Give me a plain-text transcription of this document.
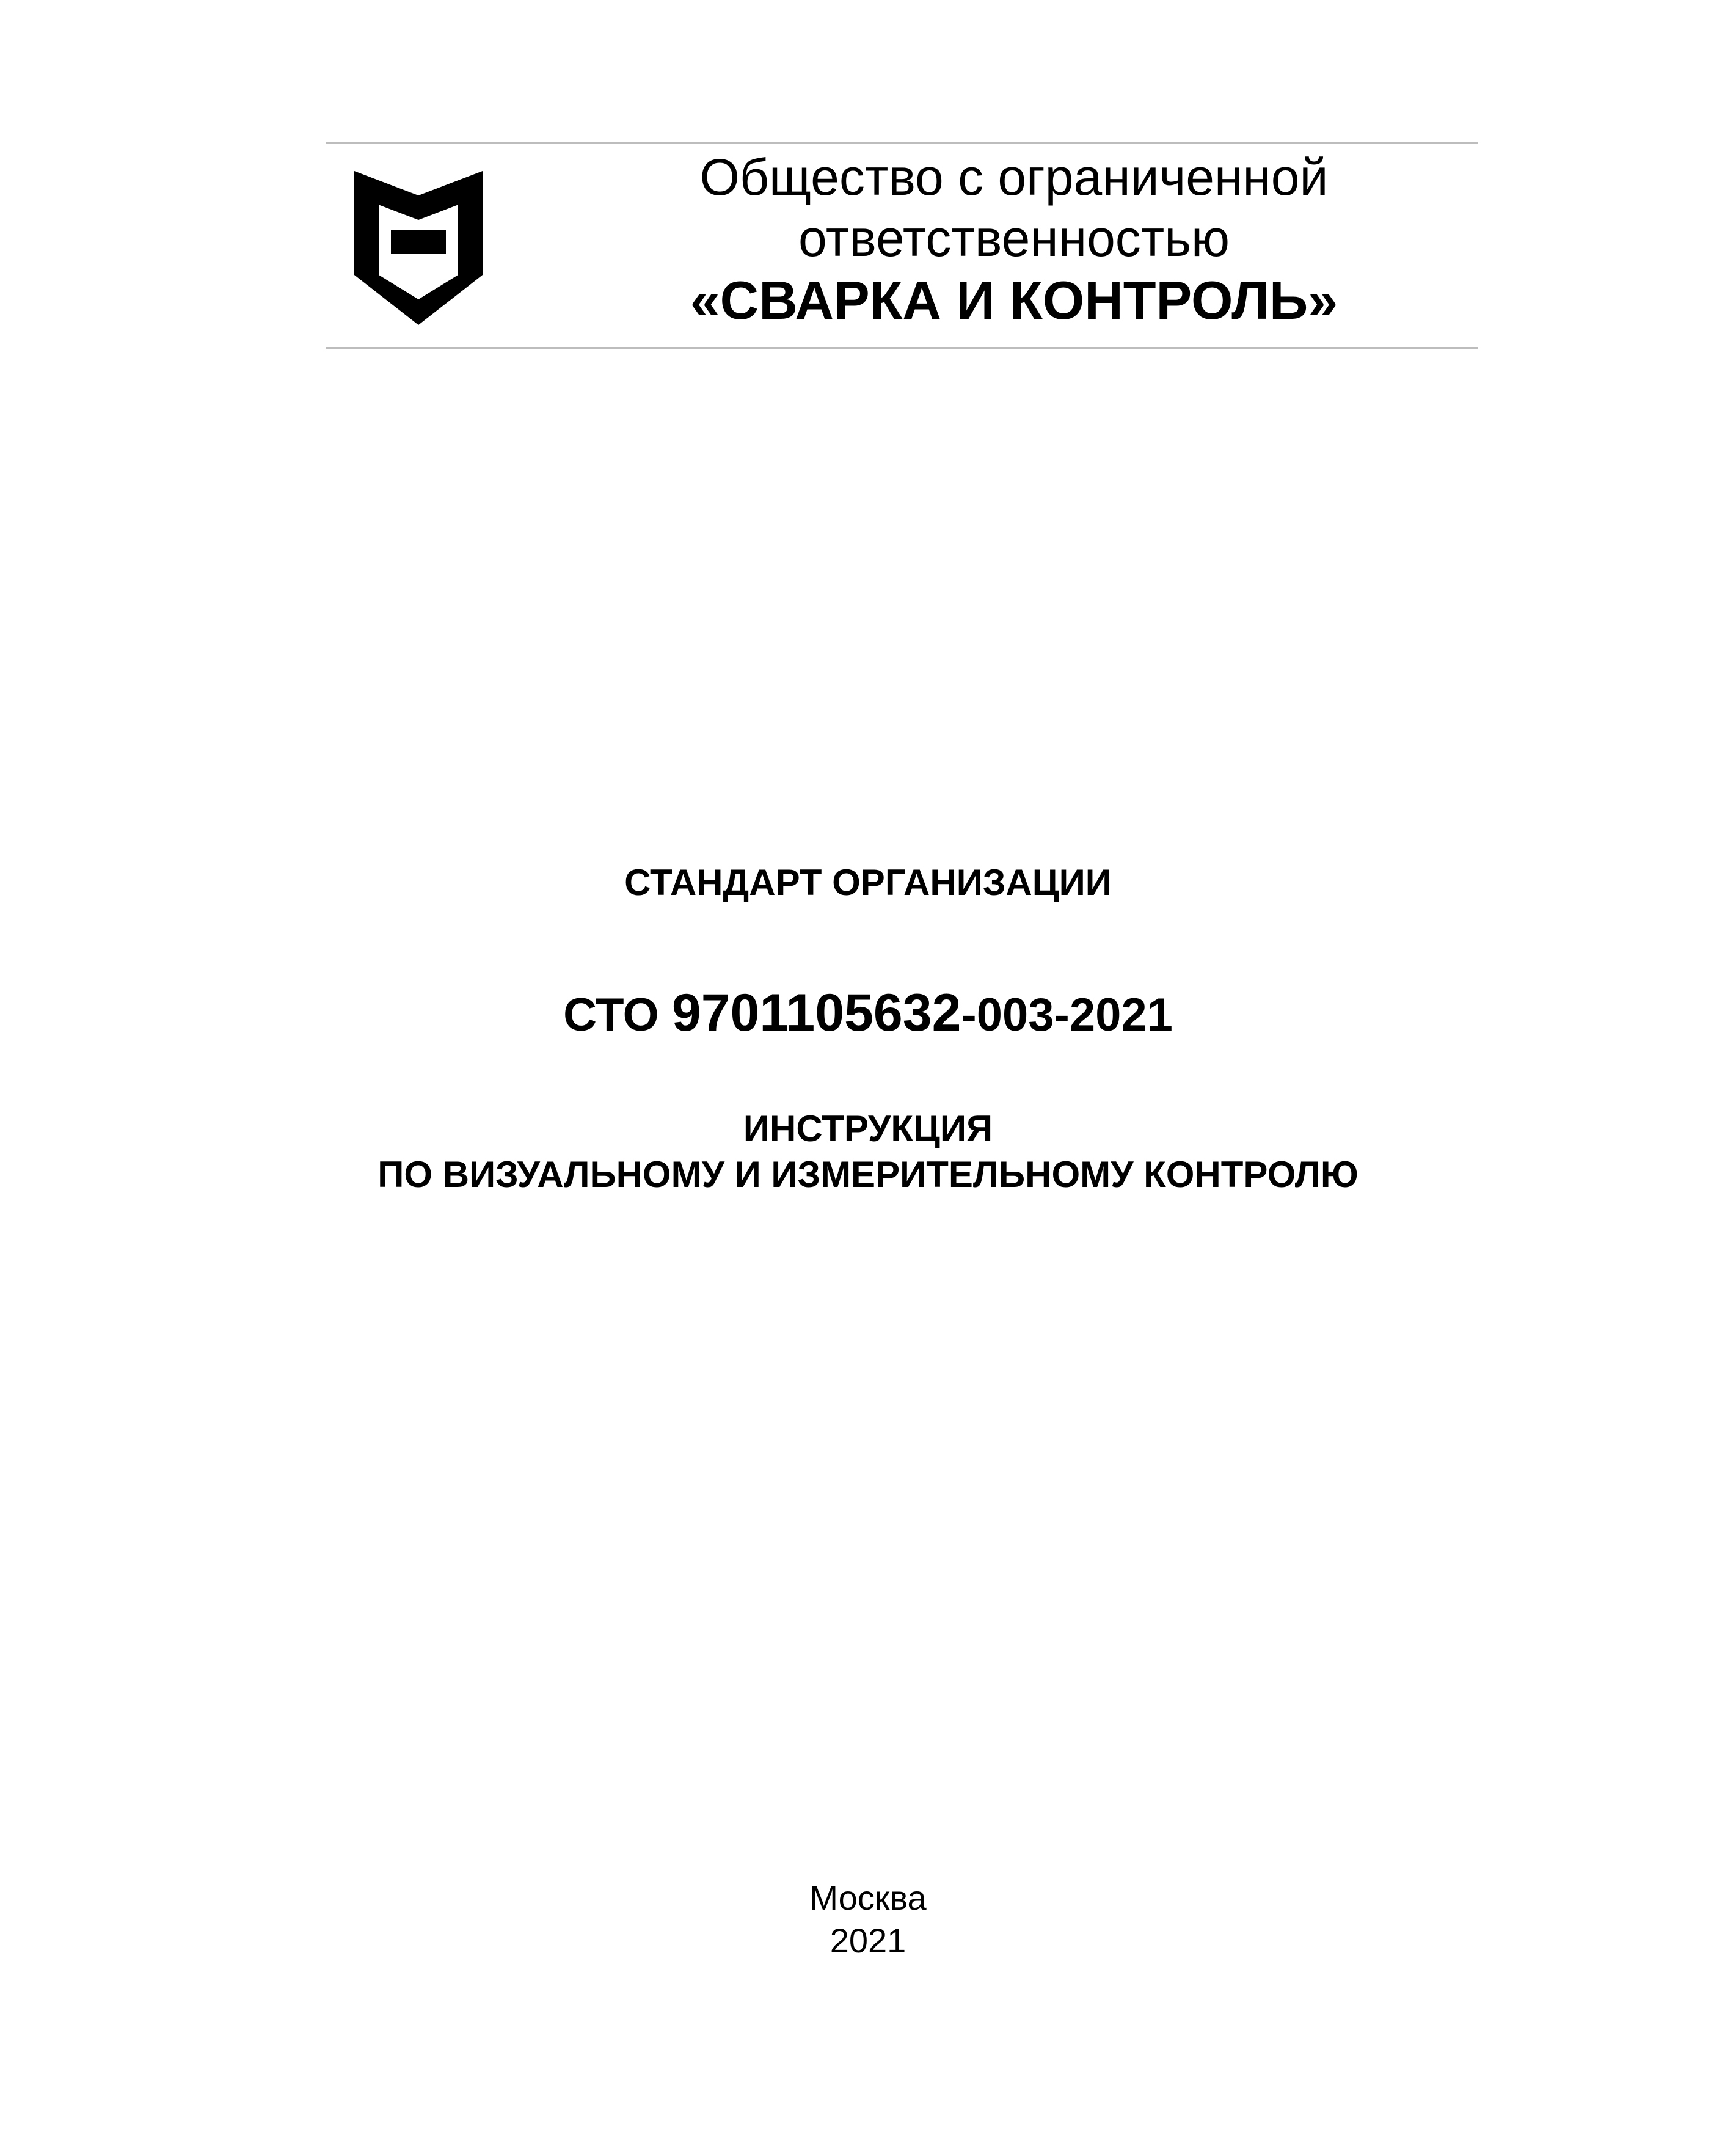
Общество с ограниченной
ответственностью
«СВАРКА И КОНТРОЛЬ»
СТАНДАРТ ОРГАНИЗАЦИИ
СТО 9701105632-003-2021
ИНСТРУКЦИЯ
ПО ВИЗУАЛЬНОМУ И ИЗМЕРИТЕЛЬНОМУ КОНТРОЛЮ
Москва
2021
